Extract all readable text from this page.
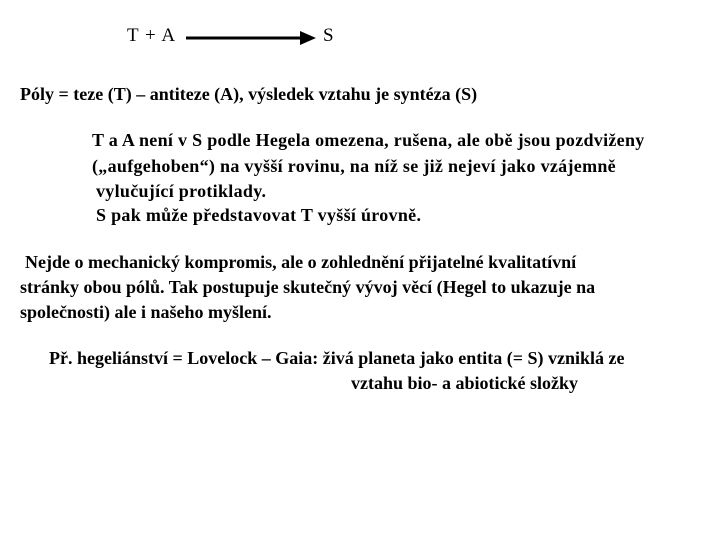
T + A	S
Póly = teze (T) – antiteze (A), výsledek vztahu je syntéza (S)
T a A není v S podle Hegela omezena, rušena, ale obě jsou pozdviženy
(„aufgehoben“) na vyšší rovinu, na níž se již nejeví jako vzájemně
vylučující protiklady.
S pak může představovat T vyšší úrovně.
Nejde o mechanický kompromis, ale o zohlednění přijatelné kvalitatívní
stránky obou pólů. Tak postupuje skutečný vývoj věcí (Hegel to ukazuje na
společnosti) ale i našeho myšlení.
Př. hegeliánství = Lovelock – Gaia: živá planeta jako entita (= S) vzniklá ze
vztahu bio- a abiotické složky
